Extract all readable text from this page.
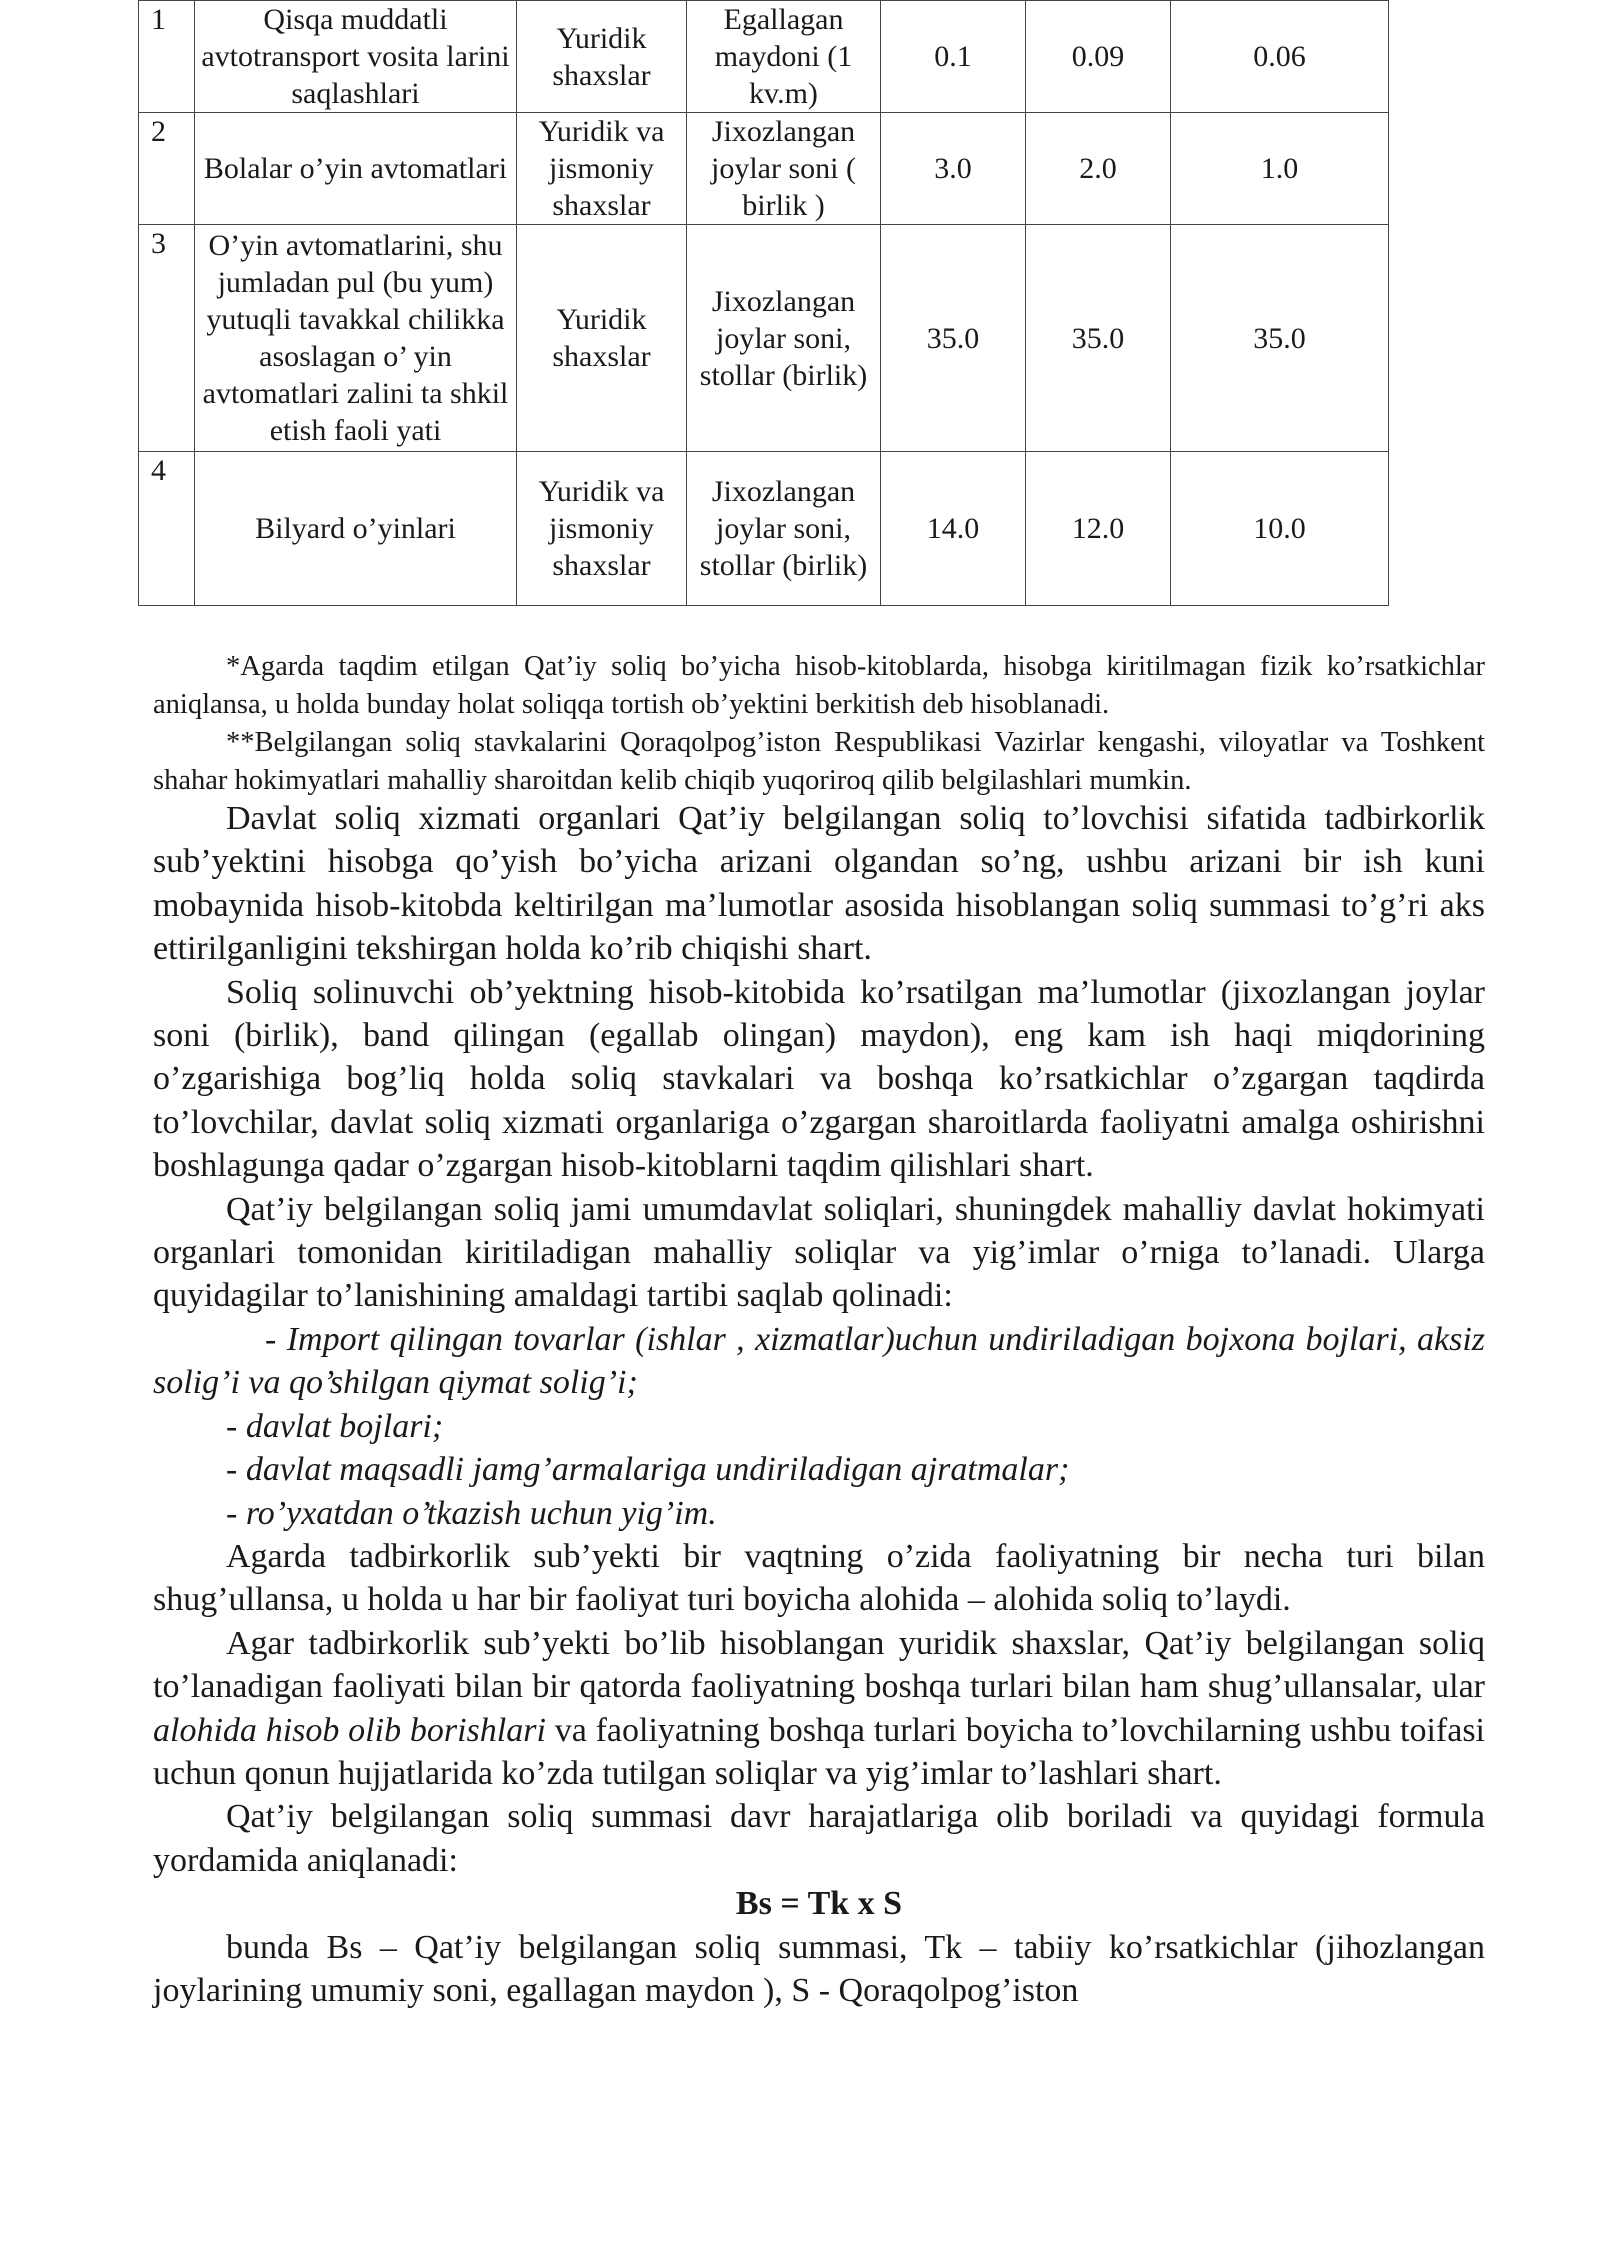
1	Qisqa muddatli avtotransport vosita larini saqlashlari	Yuridik shaxslar	Egallagan maydoni (1 kv.m)	0.1	0.09	0.06
2	Bolalar o’yin avtomatlari	Yuridik va jismoniy shaxslar	Jixozlangan joylar soni ( birlik )	3.0	2.0	1.0
3	O’yin avtomatlarini, shu jumladan pul (bu yum) yutuqli tavakkal chilikka asoslagan o’ yin avtomatlari zalini ta shkil etish faoli yati	Yuridik shaxslar	Jixozlangan joylar soni, stollar (birlik)	35.0	35.0	35.0
4	Bilyard o’yinlari	Yuridik va jismoniy shaxslar	Jixozlangan joylar soni, stollar (birlik)	14.0	12.0	10.0

*Agarda taqdim etilgan Qat’iy soliq bo’yicha hisob-kitoblarda, hisobga kiritilmagan fizik ko’rsatkichlar aniqlansa, u holda bunday holat soliqqa tortish ob’yektini berkitish deb hisoblanadi.

**Belgilangan soliq stavkalarini Qoraqolpog’iston Respublikasi Vazirlar kengashi, viloyatlar va Toshkent shahar hokimyatlari mahalliy sharoitdan kelib chiqib yuqoriroq qilib belgilashlari mumkin.

Davlat soliq xizmati organlari Qat’iy belgilangan soliq to’lovchisi sifatida tadbirkorlik sub’yektini hisobga qo’yish bo’yicha arizani olgandan so’ng, ushbu arizani bir ish kuni mobaynida hisob-kitobda keltirilgan ma’lumotlar asosida hisoblangan soliq summasi to’g’ri aks ettirilganligini tekshirgan holda ko’rib chiqishi shart.

Soliq solinuvchi ob’yektning hisob-kitobida ko’rsatilgan ma’lumotlar (jixozlangan joylar soni (birlik), band qilingan (egallab olingan) maydon), eng kam ish haqi miqdorining o’zgarishiga bog’liq holda soliq stavkalari va boshqa ko’rsatkichlar o’zgargan taqdirda to’lovchilar, davlat soliq xizmati organlariga o’zgargan sharoitlarda faoliyatni amalga oshirishni boshlagunga qadar o’zgargan hisob-kitoblarni taqdim qilishlari shart.

Qat’iy belgilangan soliq jami umumdavlat soliqlari, shuningdek mahalliy davlat hokimyati organlari tomonidan kiritiladigan mahalliy soliqlar va yig’imlar o’rniga to’lanadi. Ularga quyidagilar to’lanishining amaldagi tartibi saqlab qolinadi:

- Import qilingan tovarlar (ishlar , xizmatlar)uchun undiriladigan bojxona bojlari, aksiz solig’i va qo’shilgan qiymat solig’i;

- davlat bojlari;

- davlat maqsadli jamg’armalariga undiriladigan ajratmalar;

- ro’yxatdan o’tkazish uchun yig’im.

Agarda tadbirkorlik sub’yekti bir vaqtning o’zida faoliyatning bir necha turi bilan shug’ullansa, u holda u har bir faoliyat turi boyicha alohida – alohida soliq to’laydi.

Agar tadbirkorlik sub’yekti bo’lib hisoblangan yuridik shaxslar, Qat’iy belgilangan soliq to’lanadigan faoliyati bilan bir qatorda faoliyatning boshqa turlari bilan ham shug’ullansalar, ular alohida hisob olib borishlari va faoliyatning boshqa turlari boyicha to’lovchilarning ushbu toifasi uchun qonun hujjatlarida ko’zda tutilgan soliqlar va yig’imlar to’lashlari shart.

Qat’iy belgilangan soliq summasi davr harajatlariga olib boriladi va quyidagi formula yordamida aniqlanadi:

Bs = Tk x S

bunda Bs – Qat’iy belgilangan soliq summasi, Tk – tabiiy ko’rsatkichlar (jihozlangan joylarining umumiy soni, egallagan maydon ), S - Qoraqolpog’iston
